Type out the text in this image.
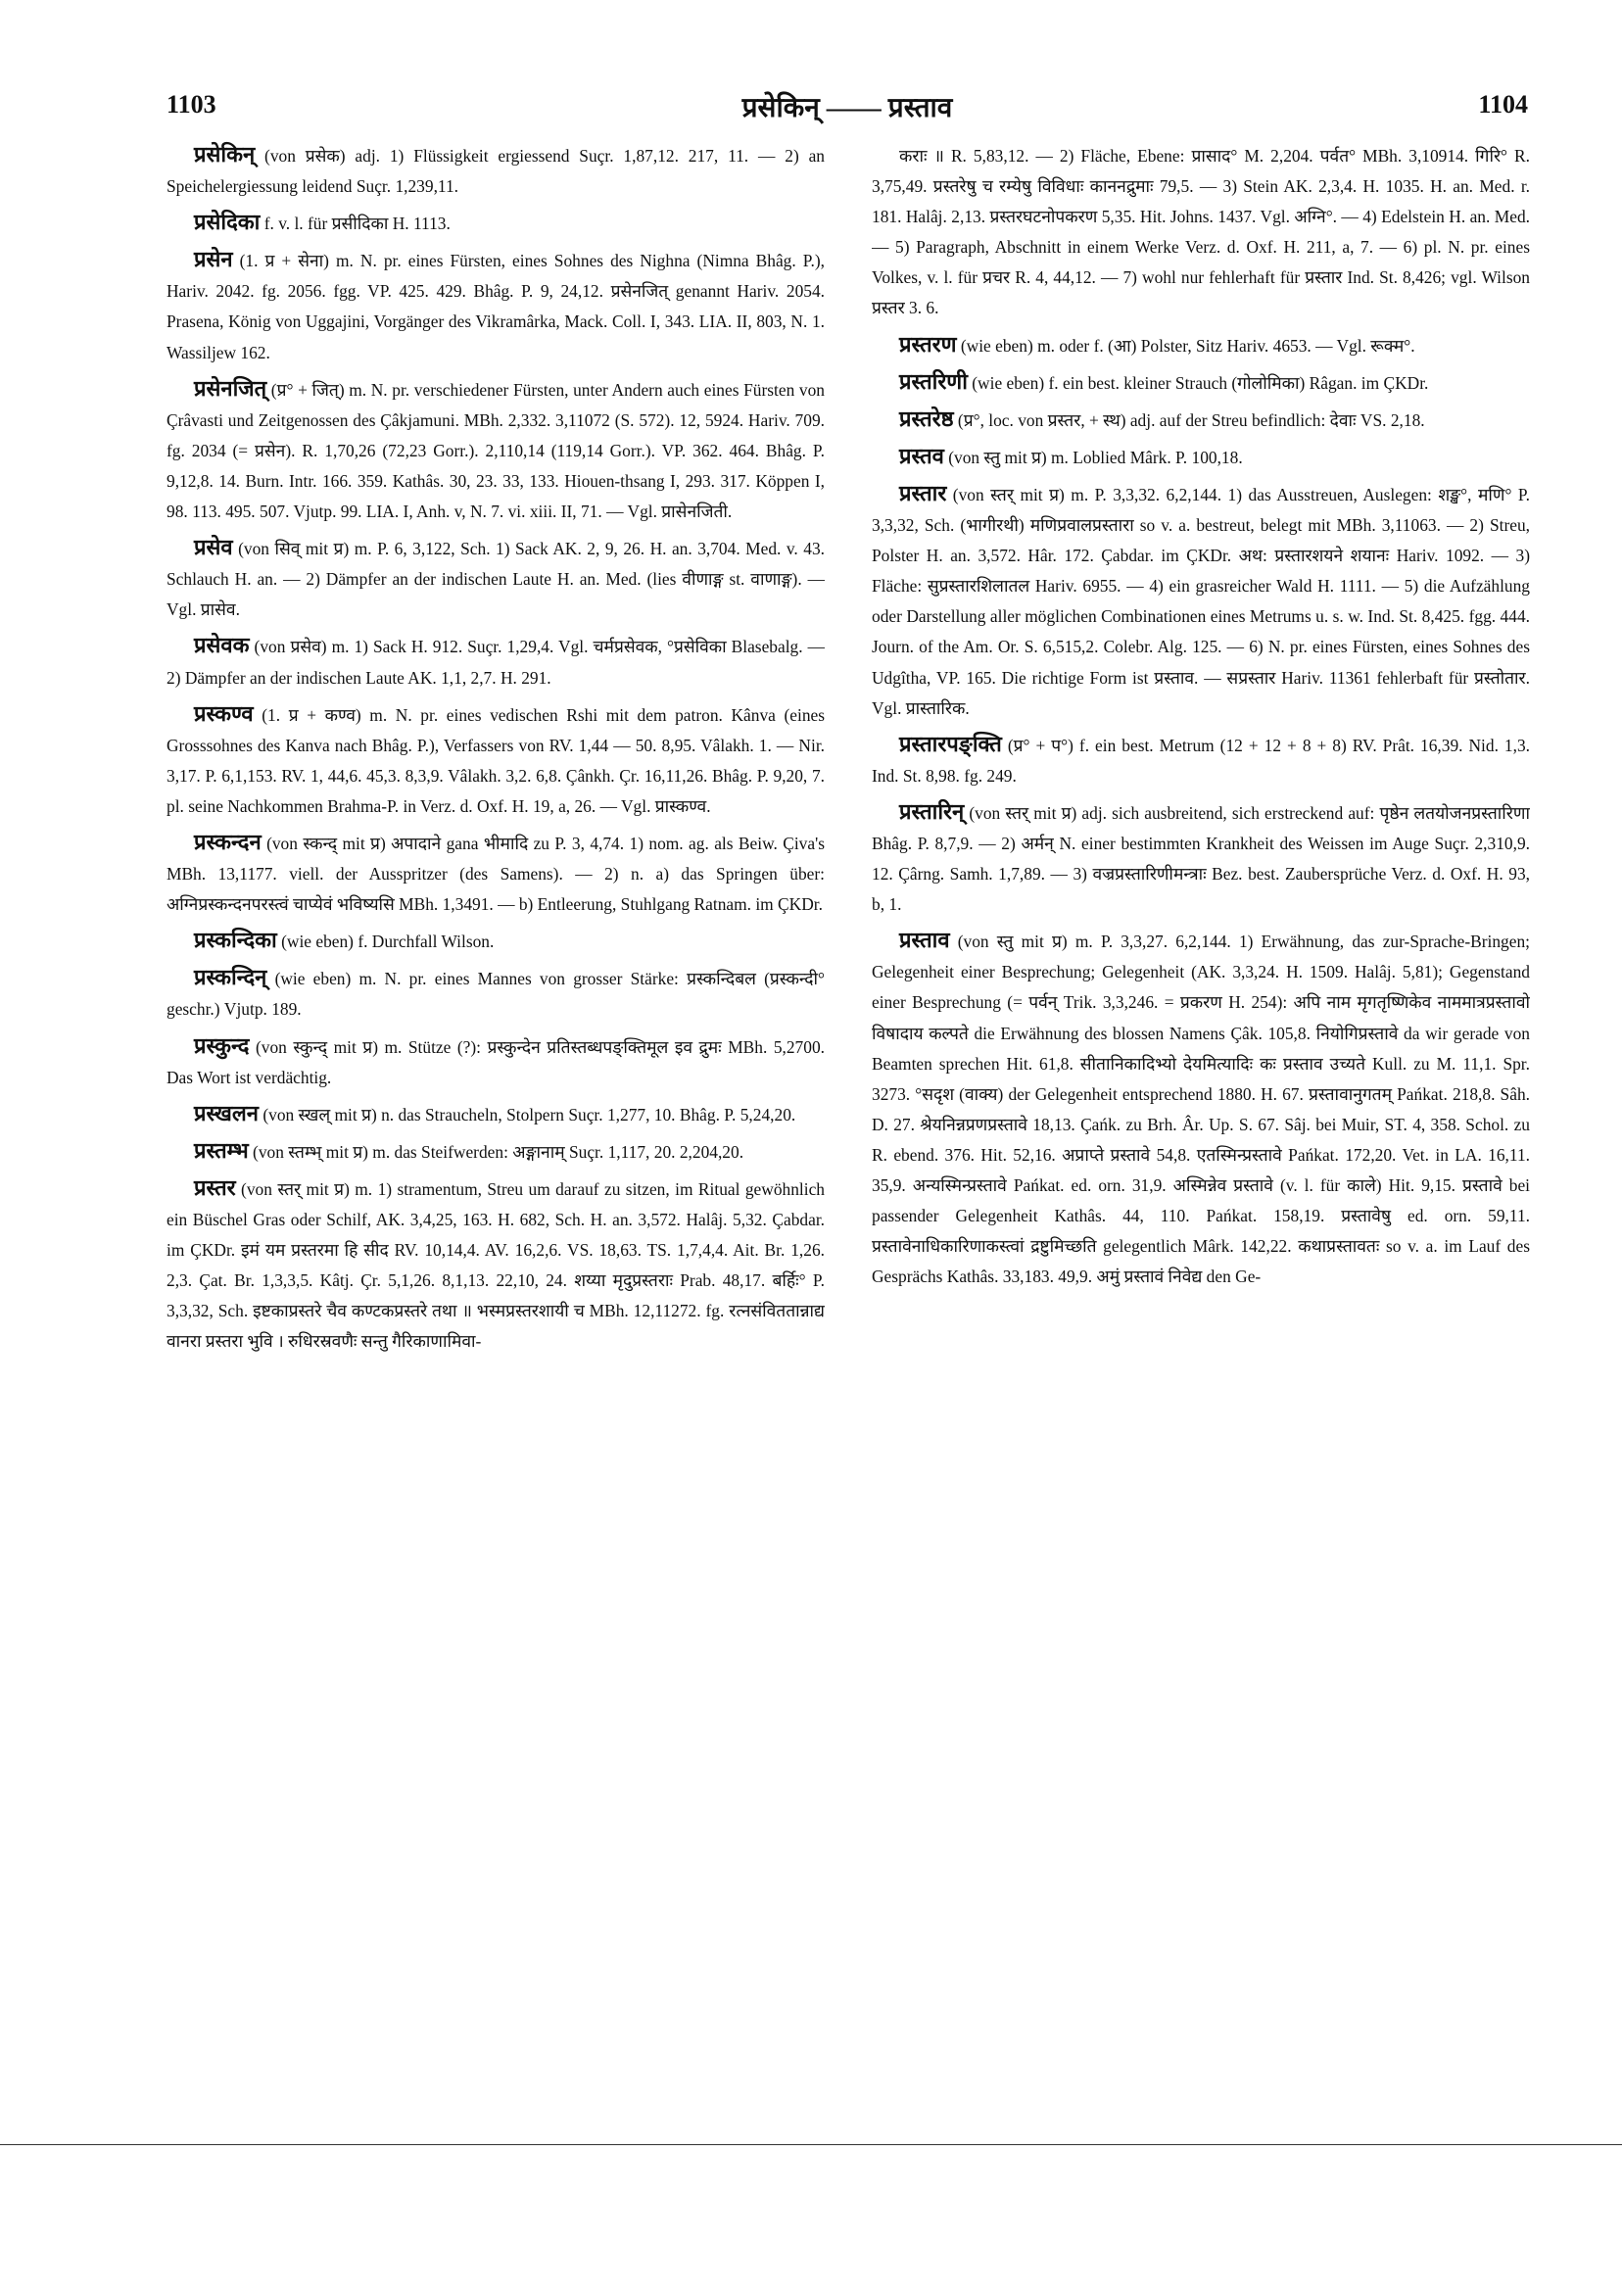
1103	प्रसेकिन् —— प्रस्ताव	1104

प्रसेकिन् (von प्रसेक) adj. 1) Flüssigkeit ergiessend Suçr. 1,87,12. 217, 11. — 2) an Speichelergiessung leidend Suçr. 1,239,11.

प्रसेदिका f. v. l. für प्रसीदिका H. 1113.

प्रसेन (1. प्र + सेना) m. N. pr. eines Fürsten, eines Sohnes des Nighna (Nimna Bhâg. P.), Hariv. 2042. fg. 2056. fgg. VP. 425. 429. Bhâg. P. 9, 24,12. प्रसेनजित् genannt Hariv. 2054. Prasena, König von Uggajini, Vorgänger des Vikramârka, Mack. Coll. I, 343. LIA. II, 803, N. 1. Wassiljew 162.

प्रसेनजित् (प्र° + जित्) m. N. pr. verschiedener Fürsten, unter Andern auch eines Fürsten von Çrâvasti und Zeitgenossen des Çâkjamuni. MBh. 2,332. 3,11072 (S. 572). 12, 5924. Hariv. 709. fg. 2034 (= प्रसेन). R. 1,70,26 (72,23 Gorr.). 2,110,14 (119,14 Gorr.). VP. 362. 464. Bhâg. P. 9,12,8. 14. Burn. Intr. 166. 359. Kathâs. 30, 23. 33, 133. Hiouen-thsang I, 293. 317. Köppen I, 98. 113. 495. 507. Vjutp. 99. LIA. I, Anh. v, N. 7. vi. xiii. II, 71. — Vgl. प्रासेनजिती.

प्रसेव (von सिव् mit प्र) m. P. 6, 3,122, Sch. 1) Sack AK. 2, 9, 26. H. an. 3,704. Med. v. 43. Schlauch H. an. — 2) Dämpfer an der indischen Laute H. an. Med. (lies वीणाङ्ग st. वाणाङ्ग). — Vgl. प्रासेव.

प्रसेवक (von प्रसेव) m. 1) Sack H. 912. Suçr. 1,29,4. Vgl. चर्मप्रसेवक, °प्रसेविका Blasebalg. — 2) Dämpfer an der indischen Laute AK. 1,1, 2,7. H. 291.

प्रस्कण्व (1. प्र + कण्व) m. N. pr. eines vedischen Rshi mit dem patron. Kânva (eines Grosssohnes des Kanva nach Bhâg. P.), Verfassers von RV. 1,44 — 50. 8,95. Vâlakh. 1. — Nir. 3,17. P. 6,1,153. RV. 1, 44,6. 45,3. 8,3,9. Vâlakh. 3,2. 6,8. Çânkh. Çr. 16,11,26. Bhâg. P. 9,20, 7. pl. seine Nachkommen Brahma-P. in Verz. d. Oxf. H. 19, a, 26. — Vgl. प्रास्कण्व.

प्रस्कन्दन (von स्कन्द् mit प्र) अपादाने gana भीमादि zu P. 3, 4,74. 1) nom. ag. als Beiw. Çiva's MBh. 13,1177. viell. der Ausspritzer (des Samens). — 2) n. a) das Springen über: अग्निप्रस्कन्दनपरस्त्वं चाप्येवं भविष्यसि MBh. 1,3491. — b) Entleerung, Stuhlgang Ratnam. im ÇKDr.

प्रस्कन्दिका (wie eben) f. Durchfall Wilson.

प्रस्कन्दिन् (wie eben) m. N. pr. eines Mannes von grosser Stärke: प्रस्कन्दिबल (प्रस्कन्दी° geschr.) Vjutp. 189.

प्रस्कुन्द (von स्कुन्द् mit प्र) m. Stütze (?): प्रस्कुन्देन प्रतिस्तब्धपङ्क्तिमूल इव द्रुमः MBh. 5,2700. Das Wort ist verdächtig.

प्रस्खलन (von स्खल् mit प्र) n. das Straucheln, Stolpern Suçr. 1,277, 10. Bhâg. P. 5,24,20.

प्रस्तम्भ (von स्तम्भ् mit प्र) m. das Steifwerden: अङ्गानाम् Suçr. 1,117, 20. 2,204,20.

प्रस्तर (von स्तर् mit प्र) m. 1) stramentum, Streu um darauf zu sitzen, im Ritual gewöhnlich ein Büschel Gras oder Schilf, AK. 3,4,25, 163. H. 682, Sch. H. an. 3,572. Halâj. 5,32. Çabdar. im ÇKDr. इमं यम प्रस्तरमा हि सीद RV. 10,14,4. AV. 16,2,6. VS. 18,63. TS. 1,7,4,4. Ait. Br. 1,26. 2,3. Çat. Br. 1,3,3,5. Kâtj. Çr. 5,1,26. 8,1,13. 22,10, 24. शय्या मृदुप्रस्तराः Prab. 48,17. बर्हिः° P. 3,3,32, Sch. इष्टकाप्रस्तरे चैव कण्टकप्रस्तरे तथा ॥ भस्मप्रस्तरशायी च MBh. 12,11272. fg. रत्नसंविततान्नाद्य वानरा प्रस्तरा भुवि । रुधिरस्रवणैः सन्तु गैरिकाणामिवा-

कराः ॥ R. 5,83,12. — 2) Fläche, Ebene: प्रासाद° M. 2,204. पर्वत° MBh. 3,10914. गिरि° R. 3,75,49. प्रस्तरेषु च रम्येषु विविधाः काननद्रुमाः 79,5. — 3) Stein AK. 2,3,4. H. 1035. H. an. Med. r. 181. Halâj. 2,13. प्रस्तरघटनोपकरण 5,35. Hit. Johns. 1437. Vgl. अग्नि°. — 4) Edelstein H. an. Med. — 5) Paragraph, Abschnitt in einem Werke Verz. d. Oxf. H. 211, a, 7. — 6) pl. N. pr. eines Volkes, v. l. für प्रचर R. 4, 44,12. — 7) wohl nur fehlerhaft für प्रस्तार Ind. St. 8,426; vgl. Wilson प्रस्तर 3. 6.

प्रस्तरण (wie eben) m. oder f. (आ) Polster, Sitz Hariv. 4653. — Vgl. रूक्म°.

प्रस्तरिणी (wie eben) f. ein best. kleiner Strauch (गोलोमिका) Râgan. im ÇKDr.

प्रस्तरेष्ठ (प्र°, loc. von प्रस्तर, + स्थ) adj. auf der Streu befindlich: देवाः VS. 2,18.

प्रस्तव (von स्तु mit प्र) m. Loblied Mârk. P. 100,18.

प्रस्तार (von स्तर् mit प्र) m. P. 3,3,32. 6,2,144. 1) das Ausstreuen, Auslegen: शङ्ख°, मणि° P. 3,3,32, Sch. (भागीरथी) मणिप्रवालप्रस्तारा so v. a. bestreut, belegt mit MBh. 3,11063. — 2) Streu, Polster H. an. 3,572. Hâr. 172. Çabdar. im ÇKDr. अथ: प्रस्तारशयने शयानः Hariv. 1092. — 3) Fläche: सुप्रस्तारशिलातल Hariv. 6955. — 4) ein grasreicher Wald H. 1111. — 5) die Aufzählung oder Darstellung aller möglichen Combinationen eines Metrums u. s. w. Ind. St. 8,425. fgg. 444. Journ. of the Am. Or. S. 6,515,2. Colebr. Alg. 125. — 6) N. pr. eines Fürsten, eines Sohnes des Udgîtha, VP. 165. Die richtige Form ist प्रस्ताव. — सप्रस्तार Hariv. 11361 fehlerbaft für प्रस्तोतार. Vgl. प्रास्तारिक.

प्रस्तारपङ्क्ति (प्र° + प°) f. ein best. Metrum (12 + 12 + 8 + 8) RV. Prât. 16,39. Nid. 1,3. Ind. St. 8,98. fg. 249.

प्रस्तारिन् (von स्तर् mit प्र) adj. sich ausbreitend, sich erstreckend auf: पृष्ठेन लतयोजनप्रस्तारिणा Bhâg. P. 8,7,9. — 2) अर्मन् N. einer bestimmten Krankheit des Weissen im Auge Suçr. 2,310,9. 12. Çârng. Samh. 1,7,89. — 3) वज्रप्रस्तारिणीमन्त्राः Bez. best. Zaubersprüche Verz. d. Oxf. H. 93, b, 1.

प्रस्ताव (von स्तु mit प्र) m. P. 3,3,27. 6,2,144. 1) Erwähnung, das zur-Sprache-Bringen; Gelegenheit einer Besprechung; Gelegenheit (AK. 3,3,24. H. 1509. Halâj. 5,81); Gegenstand einer Besprechung (= पर्वन् Trik. 3,3,246. = प्रकरण H. 254): अपि नाम मृगतृष्णिकेव नाममात्रप्रस्तावो विषादाय कल्पते die Erwähnung des blossen Namens Çâk. 105,8. नियोगिप्रस्तावे da wir gerade von Beamten sprechen Hit. 61,8. सीतानिकादिभ्यो देयमित्यादिः कः प्रस्ताव उच्यते Kull. zu M. 11,1. Spr. 3273. °सदृश (वाक्य) der Gelegenheit entsprechend 1880. H. 67. प्रस्तावानुगतम् Pańkat. 218,8. Sâh. D. 27. श्रेयनिन्नप्रणप्रस्तावे 18,13. Çańk. zu Brh. Âr. Up. S. 67. Sâj. bei Muir, ST. 4, 358. Schol. zu R. ebend. 376. Hit. 52,16. अप्राप्ते प्रस्तावे 54,8. एतस्मिन्प्रस्तावे Pańkat. 172,20. Vet. in LA. 16,11. 35,9. अन्यस्मिन्प्रस्तावे Pańkat. ed. orn. 31,9. अस्मिन्नेव प्रस्तावे (v. l. für काले) Hit. 9,15. प्रस्तावे bei passender Gelegenheit Kathâs. 44, 110. Pańkat. 158,19. प्रस्तावेषु ed. orn. 59,11. प्रस्तावेनाधिकारिणाकस्त्वां द्रष्टुमिच्छति gelegentlich Mârk. 142,22. कथाप्रस्तावतः so v. a. im Lauf des Gesprächs Kathâs. 33,183. 49,9. अमुं प्रस्तावं निवेद्य den Ge-
